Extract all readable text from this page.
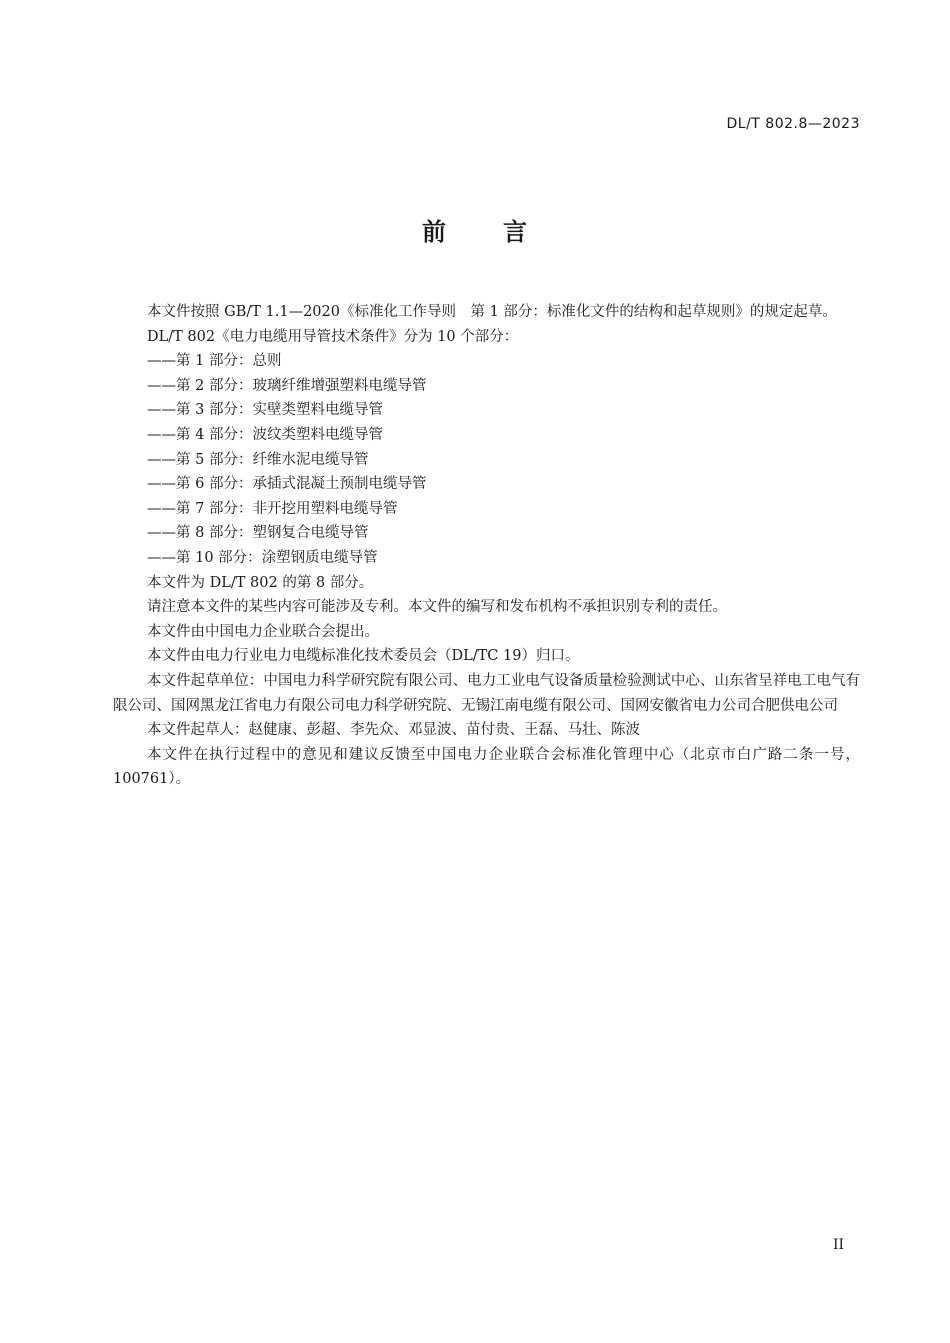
DL/T 802.8—2023
前 言

本文件按照 GB/T 1.1—2020《标准化工作导则　第 1 部分：标准化文件的结构和起草规则》的规定起草。

DL/T 802《电力电缆用导管技术条件》分为 10 个部分：

——第 1 部分：总则
——第 2 部分：玻璃纤维增强塑料电缆导管
——第 3 部分：实壁类塑料电缆导管
——第 4 部分：波纹类塑料电缆导管
——第 5 部分：纤维水泥电缆导管
——第 6 部分：承插式混凝土预制电缆导管
——第 7 部分：非开挖用塑料电缆导管
——第 8 部分：塑钢复合电缆导管
——第 10 部分：涂塑钢质电缆导管

本文件为 DL/T 802 的第 8 部分。

请注意本文件的某些内容可能涉及专利。本文件的编写和发布机构不承担识别专利的责任。

本文件由中国电力企业联合会提出。

本文件由电力行业电力电缆标准化技术委员会（DL/TC 19）归口。

本文件起草单位：中国电力科学研究院有限公司、电力工业电气设备质量检验测试中心、山东省呈祥电工电气有限公司、国网黑龙江省电力有限公司电力科学研究院、无锡江南电缆有限公司、国网安徽省电力公司合肥供电公司

本文件起草人：赵健康、彭超、李先众、邓显波、苗付贵、王磊、马壮、陈波

本文件在执行过程中的意见和建议反馈至中国电力企业联合会标准化管理中心（北京市白广路二条一号，100761）。

II
